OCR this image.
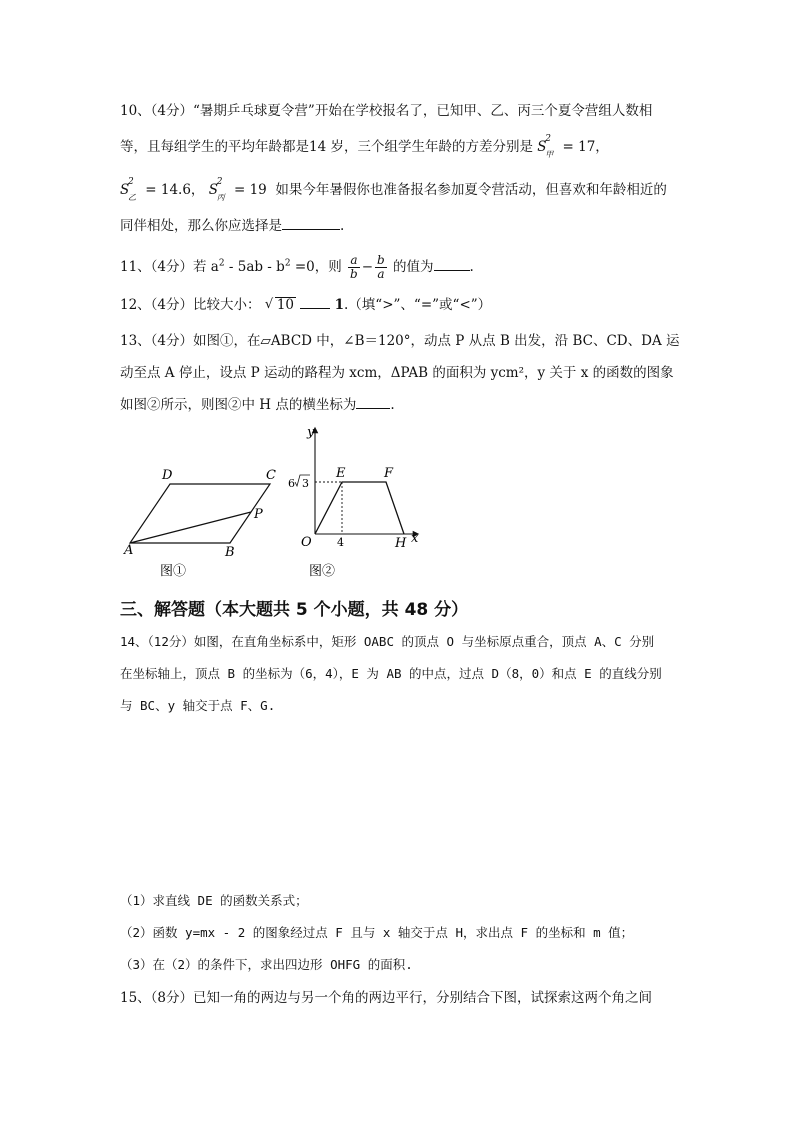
10、（4分）“暑期乒乓球夏令营”开始在学校报名了，已知甲、乙、丙三个夏令营组人数相
等，且每组学生的平均年龄都是14 岁，三个组学生年龄的方差分别是 S
2
甲 = 17，
S
2
乙 = 14.6， S
2
丙 = 19 如果今年暑假你也准备报名参加夏令营活动，但喜欢和年龄相近的
同伴相处，那么你应选择是	.
11、（4分）若 $a^2 - 5ab - b^2 =0$，则 $\frac{a}{b} - \frac{b}{a}$ 的值为	.
12、（4分）比较大小： √ 10	1.（填“>”、“=”或“<”）
13、（4分）如图①，在▱ABCD 中，∠B＝120°，动点 P 从点 B 出发，沿 BC、CD、DA 运
动至点 A 停止，设点 P 运动的路程为 xcm，ΔPAB 的面积为 ycm²，y 关于 x 的函数的图象
如图②所示，则图②中 H 点的横坐标为	.
A	B
C
D
P
图①
y
x
O
E	F
H
4
6 3
图②
三、解答题（本大题共 5 个小题，共 48 分）
14、（12分）如图，在直角坐标系中，矩形 OABC 的顶点 O 与坐标原点重合，顶点 A、C 分别
在坐标轴上，顶点 B 的坐标为（6，4），E 为 AB 的中点，过点 D（8，0）和点 E 的直线分别
与 BC、y 轴交于点 F、G.
（1）求直线 DE 的函数关系式；
（2）函数 y=mx - 2 的图象经过点 F 且与 x 轴交于点 H，求出点 F 的坐标和 m 值；
（3）在（2）的条件下，求出四边形 OHFG 的面积.
15、（8分）已知一角的两边与另一个角的两边平行，分别结合下图，试探索这两个角之间
